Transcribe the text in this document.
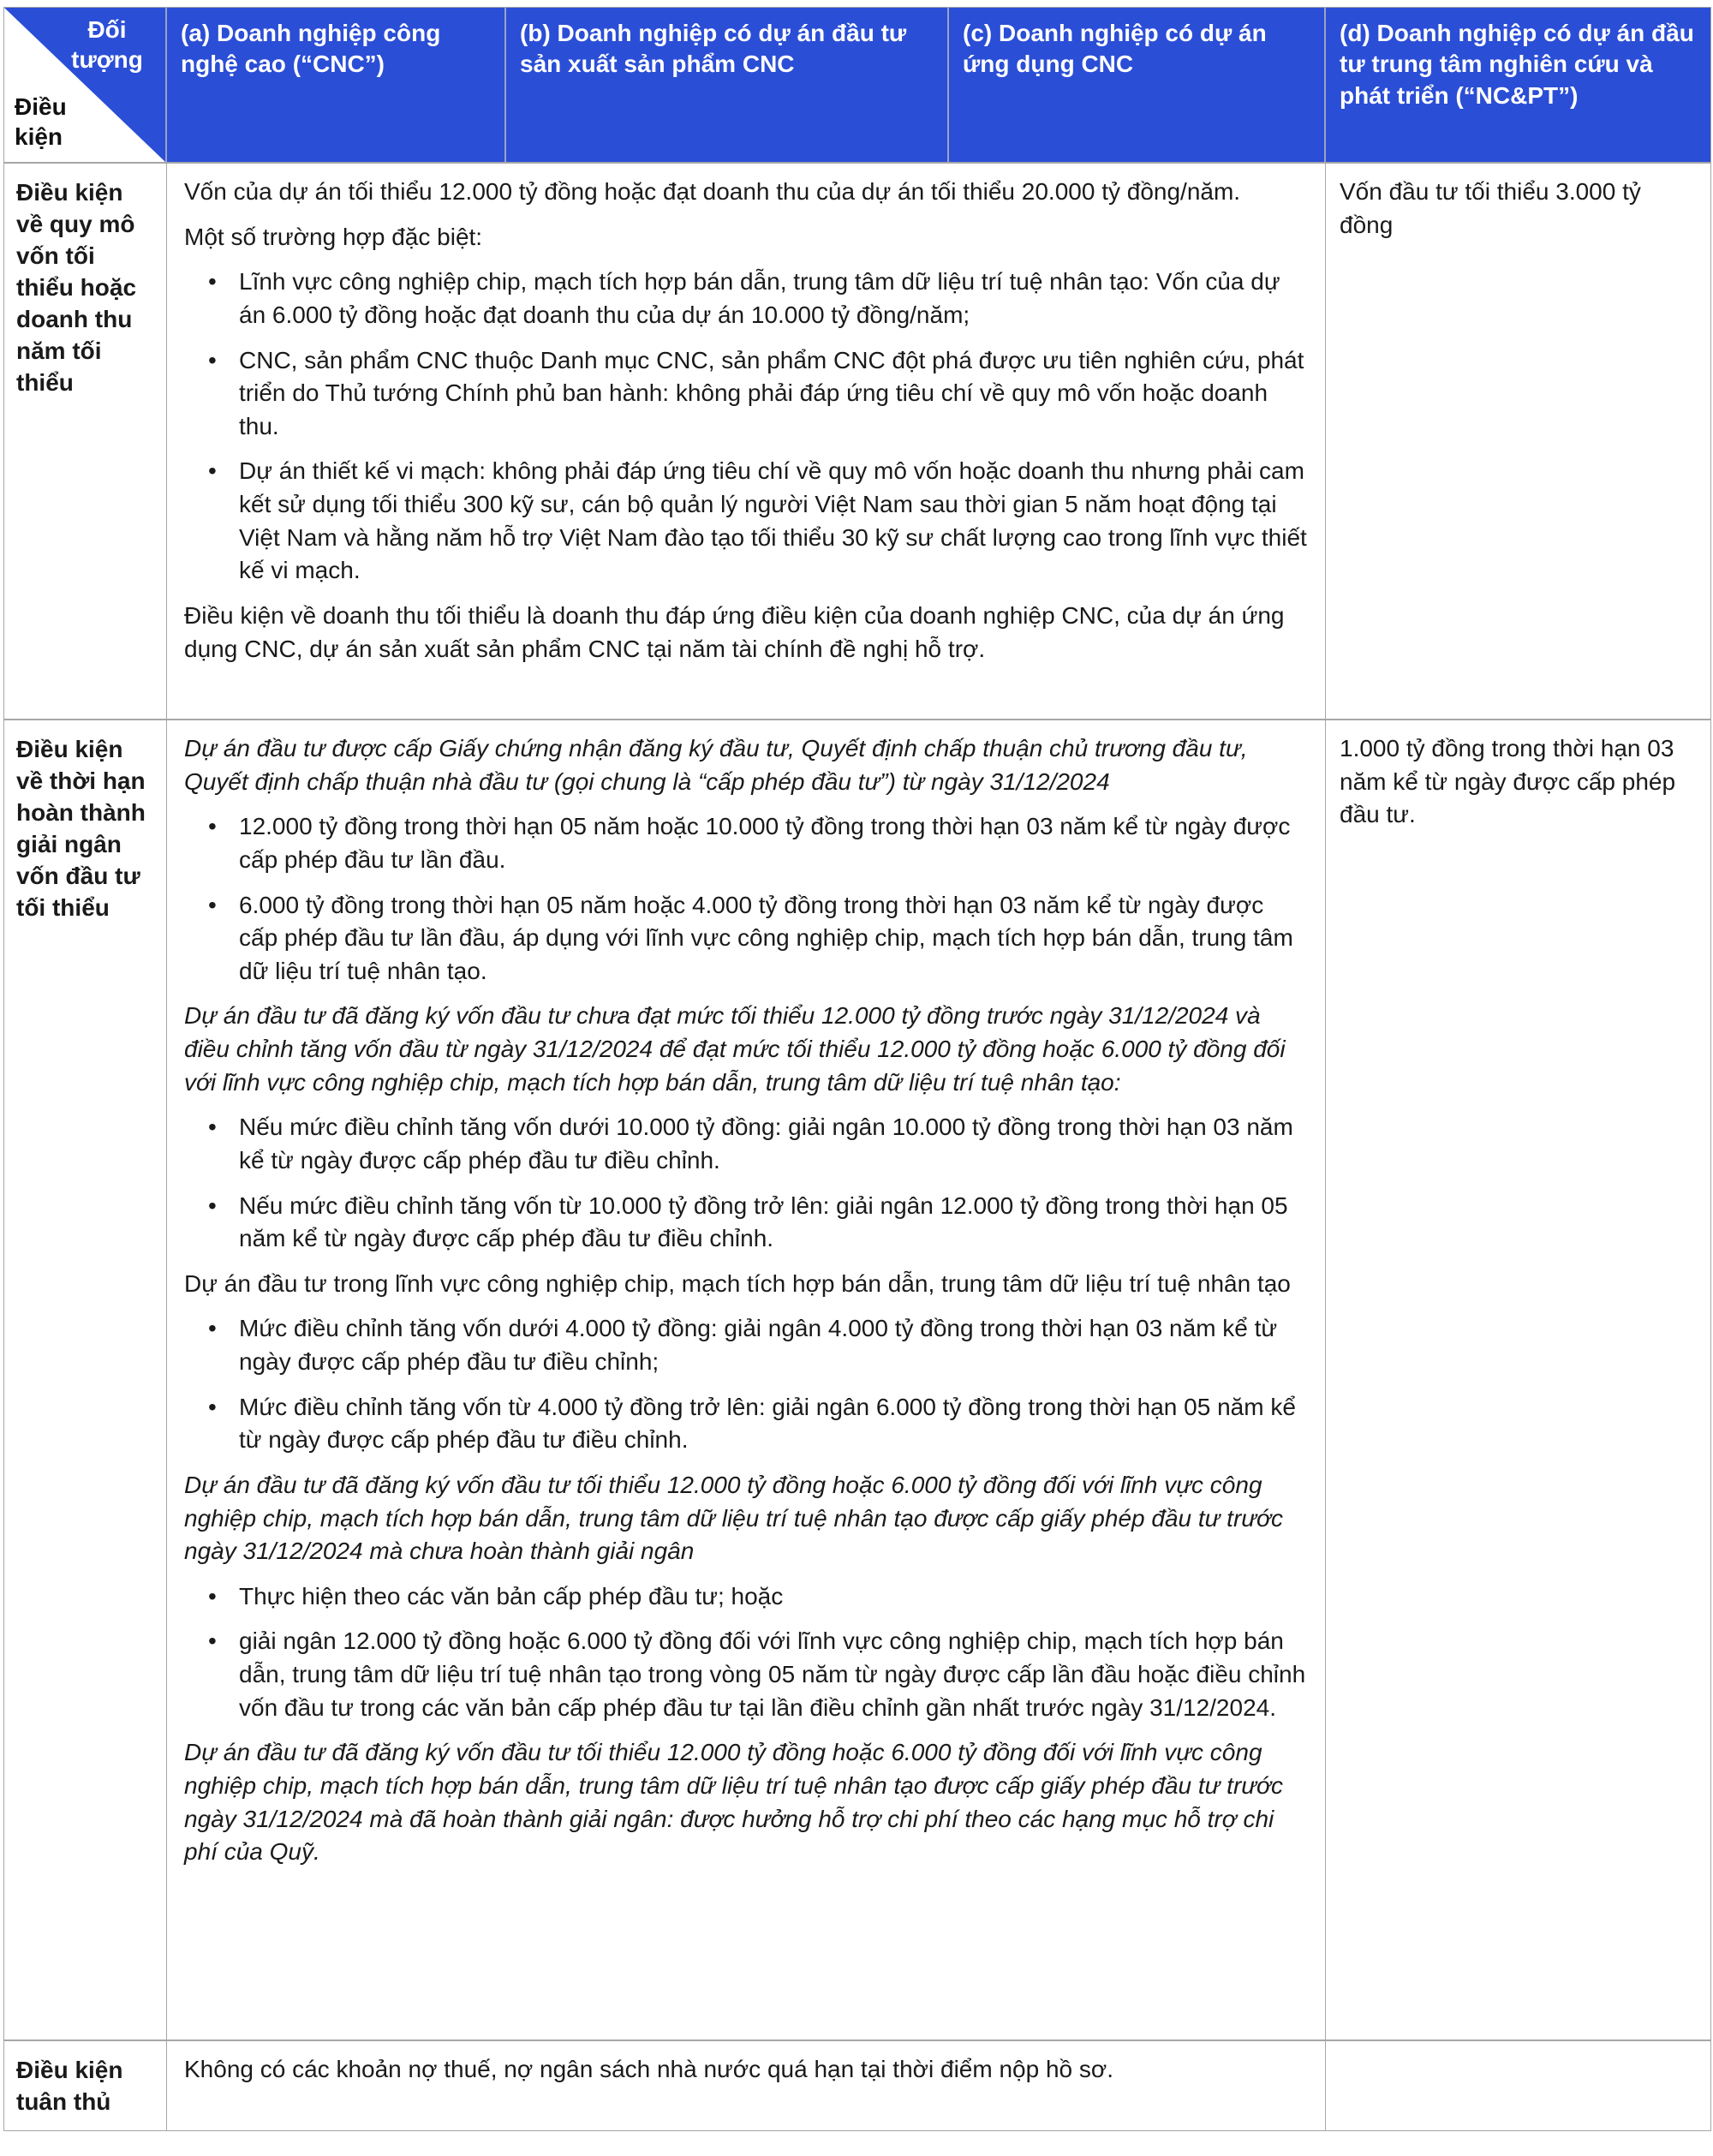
Đối tượng
Điều kiện
(a) Doanh nghiệp công nghệ cao (“CNC”)
(b) Doanh nghiệp có dự án đầu tư sản xuất sản phẩm CNC
(c) Doanh nghiệp có dự án ứng dụng CNC
(d) Doanh nghiệp có dự án đầu tư trung tâm nghiên cứu và phát triển (“NC&PT”)
Điều kiện về quy mô vốn tối thiểu hoặc doanh thu năm tối thiểu
Vốn của dự án tối thiểu 12.000 tỷ đồng hoặc đạt doanh thu của dự án tối thiểu 20.000 tỷ đồng/năm.
Một số trường hợp đặc biệt:
• Lĩnh vực công nghiệp chip, mạch tích hợp bán dẫn, trung tâm dữ liệu trí tuệ nhân tạo: Vốn của dự án 6.000 tỷ đồng hoặc đạt doanh thu của dự án 10.000 tỷ đồng/năm;
• CNC, sản phẩm CNC thuộc Danh mục CNC, sản phẩm CNC đột phá được ưu tiên nghiên cứu, phát triển do Thủ tướng Chính phủ ban hành: không phải đáp ứng tiêu chí về quy mô vốn hoặc doanh thu.
• Dự án thiết kế vi mạch: không phải đáp ứng tiêu chí về quy mô vốn hoặc doanh thu nhưng phải cam kết sử dụng tối thiểu 300 kỹ sư, cán bộ quản lý người Việt Nam sau thời gian 5 năm hoạt động tại Việt Nam và hằng năm hỗ trợ Việt Nam đào tạo tối thiểu 30 kỹ sư chất lượng cao trong lĩnh vực thiết kế vi mạch.
Điều kiện về doanh thu tối thiểu là doanh thu đáp ứng điều kiện của doanh nghiệp CNC, của dự án ứng dụng CNC, dự án sản xuất sản phẩm CNC tại năm tài chính đề nghị hỗ trợ.
Vốn đầu tư tối thiểu 3.000 tỷ đồng
Điều kiện về thời hạn hoàn thành giải ngân vốn đầu tư tối thiểu
Dự án đầu tư được cấp Giấy chứng nhận đăng ký đầu tư, Quyết định chấp thuận chủ trương đầu tư, Quyết định chấp thuận nhà đầu tư (gọi chung là “cấp phép đầu tư”) từ ngày 31/12/2024
• 12.000 tỷ đồng trong thời hạn 05 năm hoặc 10.000 tỷ đồng trong thời hạn 03 năm kể từ ngày được cấp phép đầu tư lần đầu.
• 6.000 tỷ đồng trong thời hạn 05 năm hoặc 4.000 tỷ đồng trong thời hạn 03 năm kể từ ngày được cấp phép đầu tư lần đầu, áp dụng với lĩnh vực công nghiệp chip, mạch tích hợp bán dẫn, trung tâm dữ liệu trí tuệ nhân tạo.
Dự án đầu tư đã đăng ký vốn đầu tư chưa đạt mức tối thiểu 12.000 tỷ đồng trước ngày 31/12/2024 và điều chỉnh tăng vốn đầu từ ngày 31/12/2024 để đạt mức tối thiểu 12.000 tỷ đồng hoặc 6.000 tỷ đồng đối với lĩnh vực công nghiệp chip, mạch tích hợp bán dẫn, trung tâm dữ liệu trí tuệ nhân tạo:
• Nếu mức điều chỉnh tăng vốn dưới 10.000 tỷ đồng: giải ngân 10.000 tỷ đồng trong thời hạn 03 năm kể từ ngày được cấp phép đầu tư điều chỉnh.
• Nếu mức điều chỉnh tăng vốn từ 10.000 tỷ đồng trở lên: giải ngân 12.000 tỷ đồng trong thời hạn 05 năm kể từ ngày được cấp phép đầu tư điều chỉnh.
Dự án đầu tư trong lĩnh vực công nghiệp chip, mạch tích hợp bán dẫn, trung tâm dữ liệu trí tuệ nhân tạo
• Mức điều chỉnh tăng vốn dưới 4.000 tỷ đồng: giải ngân 4.000 tỷ đồng trong thời hạn 03 năm kể từ ngày được cấp phép đầu tư điều chỉnh;
• Mức điều chỉnh tăng vốn từ 4.000 tỷ đồng trở lên: giải ngân 6.000 tỷ đồng trong thời hạn 05 năm kể từ ngày được cấp phép đầu tư điều chỉnh.
Dự án đầu tư đã đăng ký vốn đầu tư tối thiểu 12.000 tỷ đồng hoặc 6.000 tỷ đồng đối với lĩnh vực công nghiệp chip, mạch tích hợp bán dẫn, trung tâm dữ liệu trí tuệ nhân tạo được cấp giấy phép đầu tư trước ngày 31/12/2024 mà chưa hoàn thành giải ngân
• Thực hiện theo các văn bản cấp phép đầu tư; hoặc
• giải ngân 12.000 tỷ đồng hoặc 6.000 tỷ đồng đối với lĩnh vực công nghiệp chip, mạch tích hợp bán dẫn, trung tâm dữ liệu trí tuệ nhân tạo trong vòng 05 năm từ ngày được cấp lần đầu hoặc điều chỉnh vốn đầu tư trong các văn bản cấp phép đầu tư tại lần điều chỉnh gần nhất trước ngày 31/12/2024.
Dự án đầu tư đã đăng ký vốn đầu tư tối thiểu 12.000 tỷ đồng hoặc 6.000 tỷ đồng đối với lĩnh vực công nghiệp chip, mạch tích hợp bán dẫn, trung tâm dữ liệu trí tuệ nhân tạo được cấp giấy phép đầu tư trước ngày 31/12/2024 mà đã hoàn thành giải ngân: được hưởng hỗ trợ chi phí theo các hạng mục hỗ trợ chi phí của Quỹ.
1.000 tỷ đồng trong thời hạn 03 năm kể từ ngày được cấp phép đầu tư.
Điều kiện tuân thủ
Không có các khoản nợ thuế, nợ ngân sách nhà nước quá hạn tại thời điểm nộp hồ sơ.
